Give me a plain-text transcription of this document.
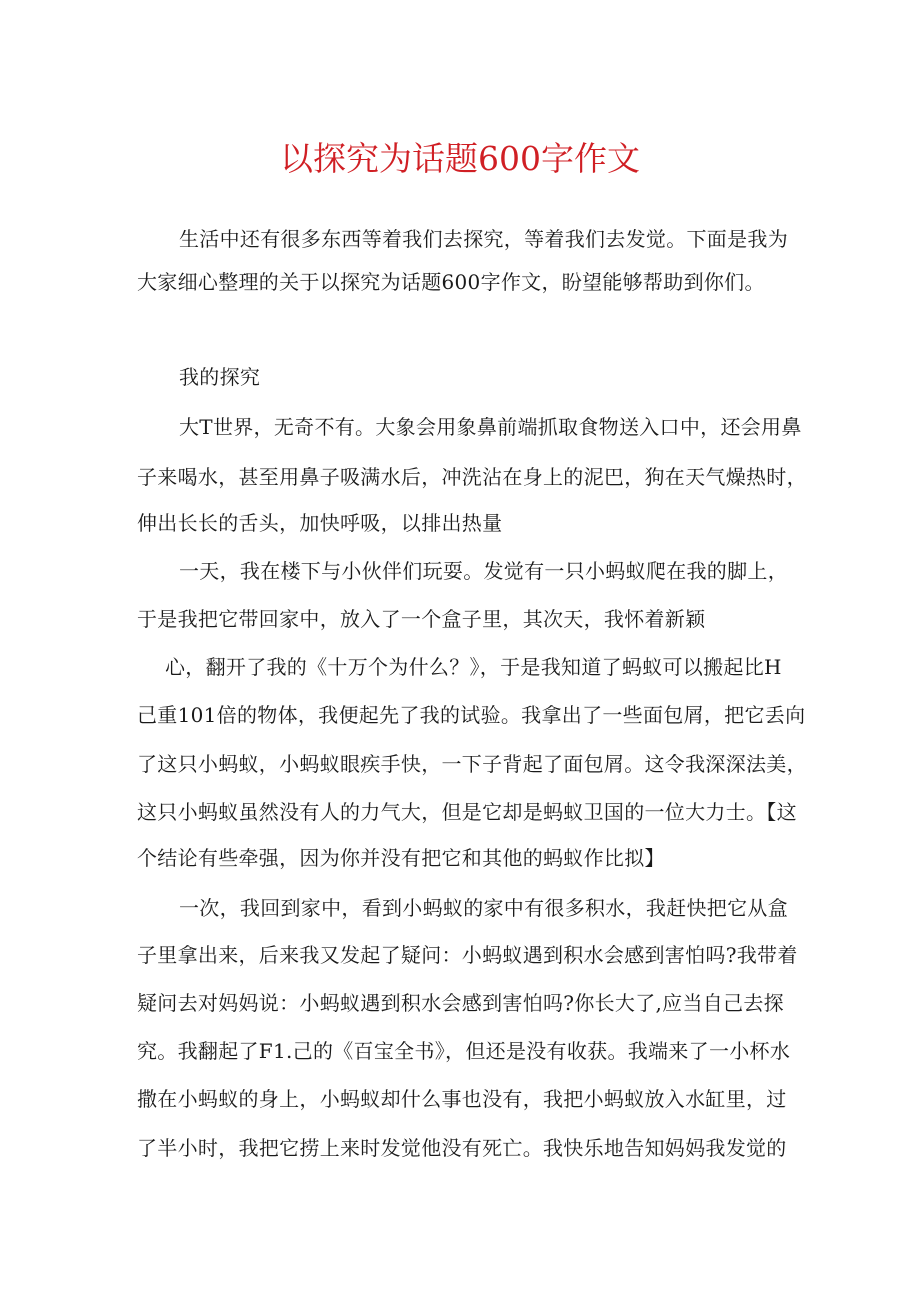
以探究为话题600字作文
生活中还有很多东西等着我们去探究，等着我们去发觉。下面是我为
大家细心整理的关于以探究为话题600字作文，盼望能够帮助到你们。
我的探究
大T世界，无奇不有。大象会用象鼻前端抓取食物送入口中，还会用鼻
子来喝水，甚至用鼻子吸满水后，冲洗沾在身上的泥巴，狗在天气燥热时，
伸出长长的舌头，加快呼吸，以排出热量
一天，我在楼下与小伙伴们玩耍。发觉有一只小蚂蚁爬在我的脚上，
于是我把它带回家中，放入了一个盒子里，其次天，我怀着新颖
心，翻开了我的《十万个为什么？》，于是我知道了蚂蚁可以搬起比H
己重101倍的物体，我便起先了我的试验。我拿出了一些面包屑，把它丢向
了这只小蚂蚁，小蚂蚁眼疾手快，一下子背起了面包屑。这令我深深法美，
这只小蚂蚁虽然没有人的力气大，但是它却是蚂蚁卫国的一位大力士。【这
个结论有些牵强，因为你并没有把它和其他的蚂蚁作比拟】
一次，我回到家中，看到小蚂蚁的家中有很多积水，我赶快把它从盒
子里拿出来，后来我又发起了疑问：小蚂蚁遇到积水会感到害怕吗?我带着
疑问去对妈妈说：小蚂蚁遇到积水会感到害怕吗?你长大了,应当自己去探
究。我翻起了F1.己的《百宝全书》，但还是没有收获。我端来了一小杯水
撒在小蚂蚁的身上，小蚂蚁却什么事也没有，我把小蚂蚁放入水缸里，过
了半小时，我把它捞上来时发觉他没有死亡。我快乐地告知妈妈我发觉的
